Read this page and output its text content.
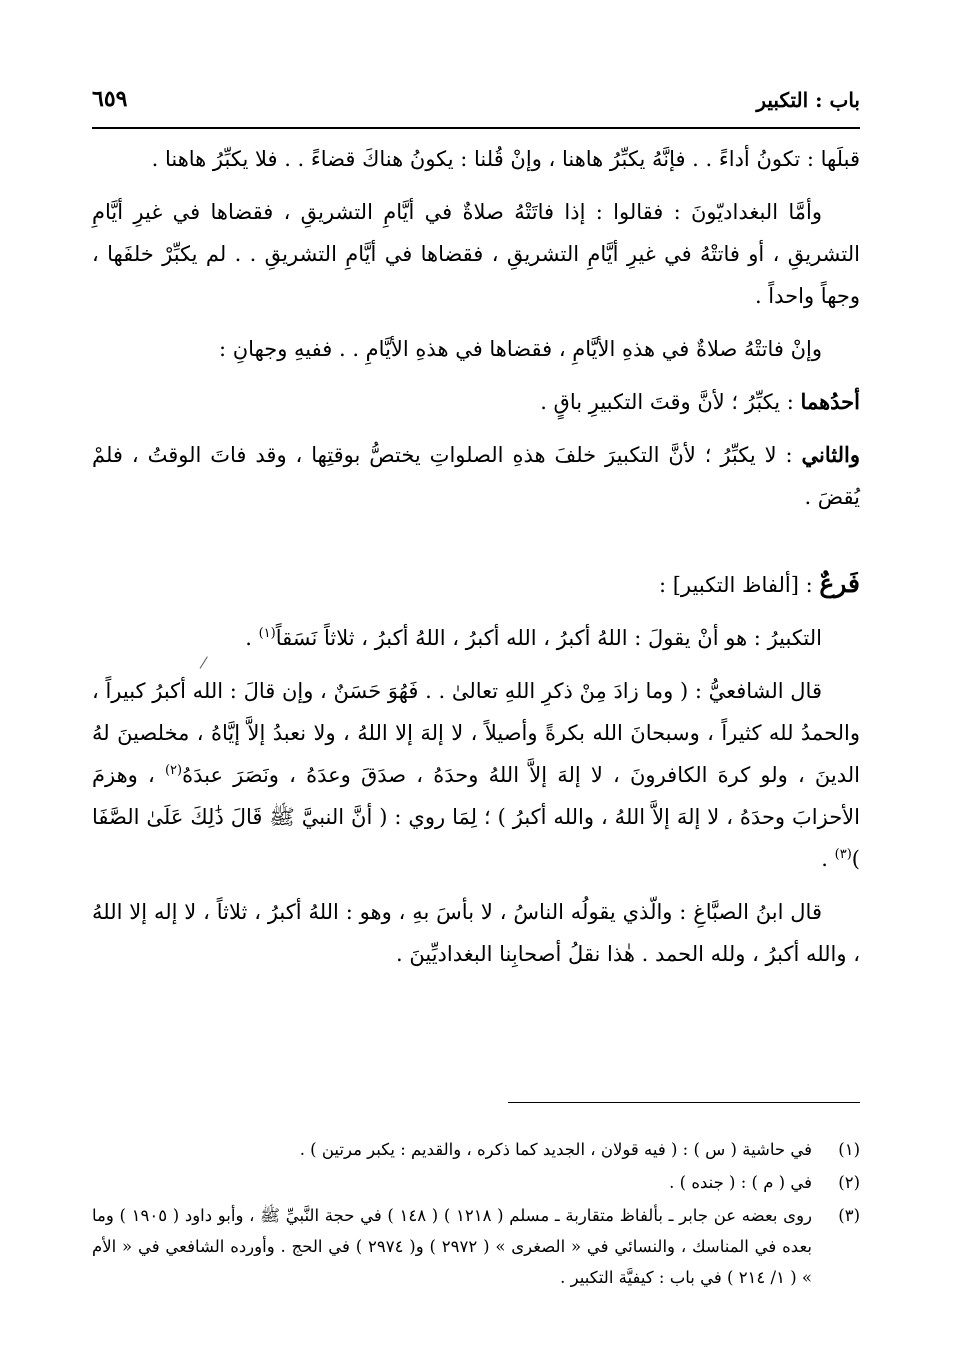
باب : التكبير
٦٥٩

قبلَها : تكونُ أداءً . . فإنَّهُ يكبِّرُ هاهنا ، وإنْ قُلنا : يكونُ هناكَ قضاءً . . فلا يكبِّرُ هاهنا .

وأمَّا البغداديّونَ : فقالوا : إذا فاتَتْهُ صلاةٌ في أيَّامِ التشريقِ ، فقضاها في غيرِ أيَّامِ التشريقِ ، أو فاتتْهُ في غيرِ أيَّامِ التشريقِ ، فقضاها في أيَّامِ التشريقِ . . لم يكبِّرْ خلفَها ، وجهاً واحداً .

وإنْ فاتتْهُ صلاةٌ في هذهِ الأيَّامِ ، فقضاها في هذهِ الأيَّامِ . . ففيهِ وجهانِ :

أحدُهما : يكبِّرُ ؛ لأنَّ وقتَ التكبيرِ باقٍ .

والثاني : لا يكبِّرُ ؛ لأنَّ التكبيرَ خلفَ هذهِ الصلواتِ يختصُّ بوقتِها ، وقد فاتَ الوقتُ ، فلمْ يُقضَ .

فَرعٌ : [ألفاظ التكبير] :

التكبيرُ : هو أنْ يقولَ : اللهُ أكبرُ ، الله أكبرُ ، اللهُ أكبرُ ، ثلاثاً نَسَقاً$^{(١)}$ .

قال الشافعيُّ : ( وما زادَ مِنْ ذكرِ اللهِ تعالىٰ . . فَهُوَ حَسَنٌ ، وإن قالَ : الله أكبرُ كبيراً ، والحمدُ لله كثيراً ، وسبحانَ الله بكرةً وأصيلاً ، لا إلهَ إلا اللهُ ، ولا نعبدُ إلاَّ إيَّاهُ ، مخلصينَ لهُ الدينَ ، ولو كرهَ الكافرونَ ، لا إلهَ إلاَّ اللهُ وحدَهُ ، صدَقَ وعدَهُ ، ونَصَرَ عبدَهُ$^{(٢)}$ ، وهزمَ الأحزابَ وحدَهُ ، لا إلهَ إلاَّ اللهُ ، والله أكبرُ ) ؛ لِمَا روي : ( أنَّ النبيَّ ﷺ قَالَ ذَٰلِكَ عَلَىٰ الصَّفَا )$^{(٣)}$ .

قال ابنُ الصبَّاغِ : والّذي يقولُه الناسُ ، لا بأسَ بهِ ، وهو : اللهُ أكبرُ ، ثلاثاً ، لا إله إلا اللهُ ، والله أكبرُ ، ولله الحمد . هٰذا نقلُ أصحابِنا البغداديِّينَ .

(١)
في حاشية ( س ) : ( فيه قولان ، الجديد كما ذكره ، والقديم : يكبر مرتين ) .
(٢)
في ( م ) : ( جنده ) .
(٣)
روى بعضه عن جابر ـ بألفاظ متقاربة ـ مسلم ( ١٢١٨ ) ( ١٤٨ ) في حجة النَّبيِّ ﷺ ، وأبو داود ( ١٩٠٥ ) وما بعده في المناسك ، والنسائي في « الصغرى » ( ٢٩٧٢ ) و( ٢٩٧٤ ) في الحج . وأورده الشافعي في « الأم » ( ١/ ٢١٤ ) في باب : كيفيَّة التكبير .
